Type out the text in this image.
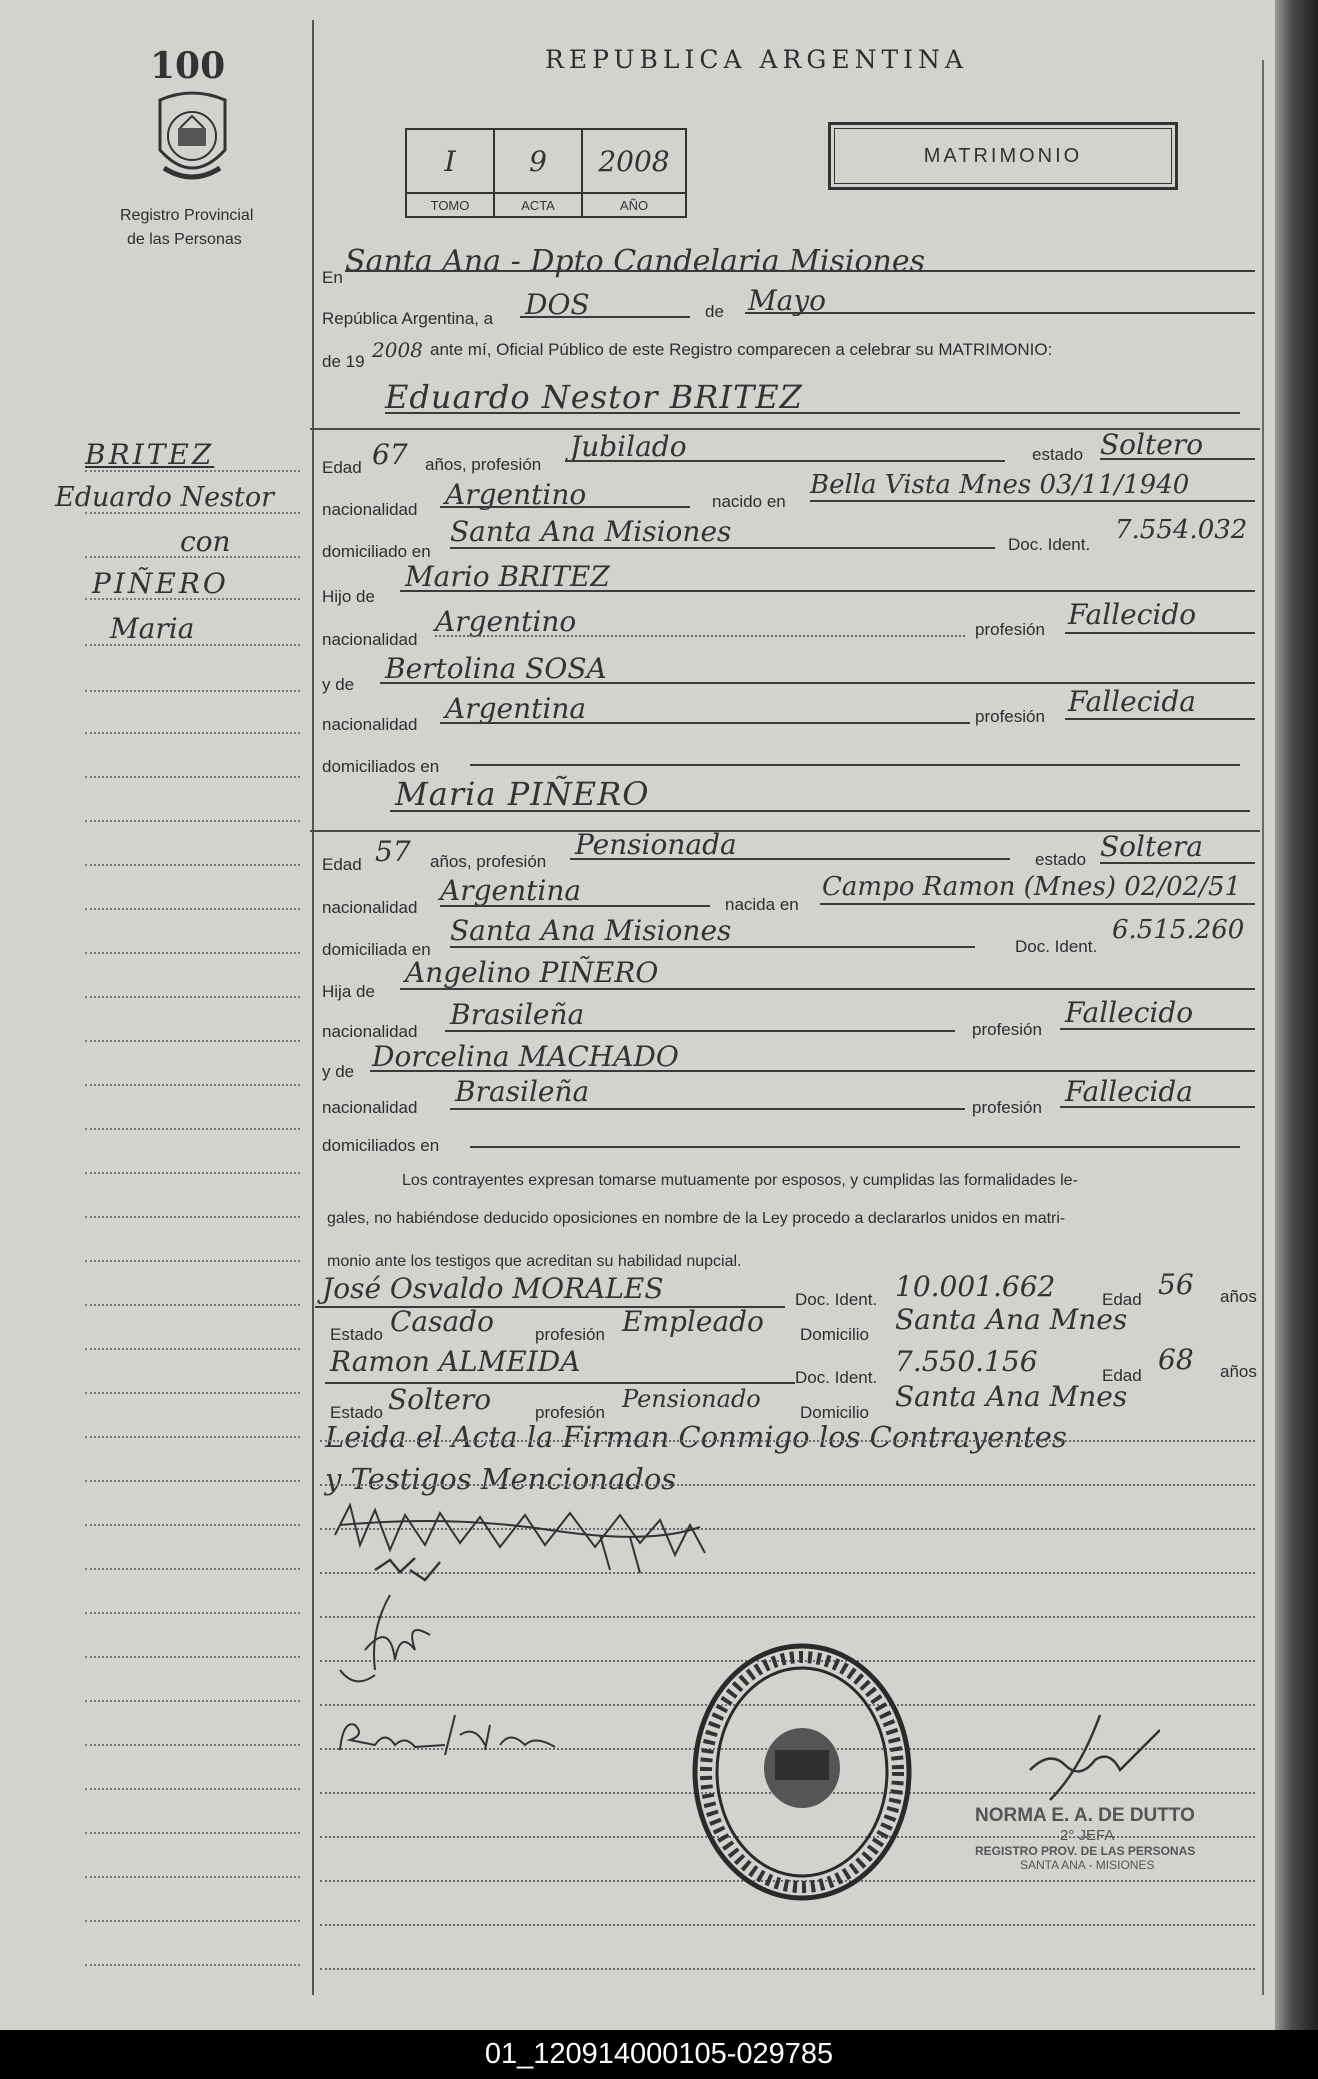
100
Registro Provincial
de las Personas
REPUBLICA ARGENTINA
MATRIMONIO
I	9	2008
TOMO	ACTA	AÑO
BRITEZ
Eduardo Nestor
con
PIÑERO
Maria
En Santa Ana - Dpto Candelaria Misiones
República Argentina, a DOS	de Mayo
de 19 2008 ante mí, Oficial Público de este Registro comparecen a celebrar su MATRIMONIO:
Eduardo Nestor BRITEZ
Edad 67 años, profesión
Jubilado	estado Soltero
nacionalidad Argentino	nacido en
Bella Vista Mnes 03/11/1940
domiciliado en
Santa Ana Misiones	Doc. Ident. 7.554.032
Hijo de
Mario BRITEZ
nacionalidad
Argentino	profesión Fallecido
y de Bertolina SOSA
nacionalidad Argentina	profesión Fallecida
domiciliados en
Maria PIÑERO
Edad 57 años, profesión
Pensionada	estado Soltera
nacionalidad
Argentina	nacida en
Campo Ramon (Mnes) 02/02/51
domiciliada en
Santa Ana Misiones	Doc. Ident.
6.515.260
Hija de
Angelino PIÑERO
nacionalidad
Brasileña	profesión
Fallecido
y de Dorcelina MACHADO
nacionalidad Brasileña	profesión Fallecida
domiciliados en
Los contrayentes expresan tomarse mutuamente por esposos, y cumplidas las formalidades le-
gales, no habiéndose deducido oposiciones en nombre de la Ley procedo a declararlos unidos en matri-
monio ante los testigos que acreditan su habilidad nupcial.
José Osvaldo MORALES	Doc. Ident. 10.001.662	Edad 56 años
Estado Casado profesión Empleado Domicilio Santa Ana Mnes
Ramon ALMEIDA	Doc. Ident. 7.550.156	Edad 68 años
Estado Soltero	profesión Pensionado Domicilio Santa Ana Mnes
Leida el Acta la Firman Conmigo los Contrayentes
y Testigos Mencionados
NORMA E. A. DE DUTTO
2° JEFA
REGISTRO PROV. DE LAS PERSONAS
SANTA ANA - MISIONES
01_120914000105-029785
